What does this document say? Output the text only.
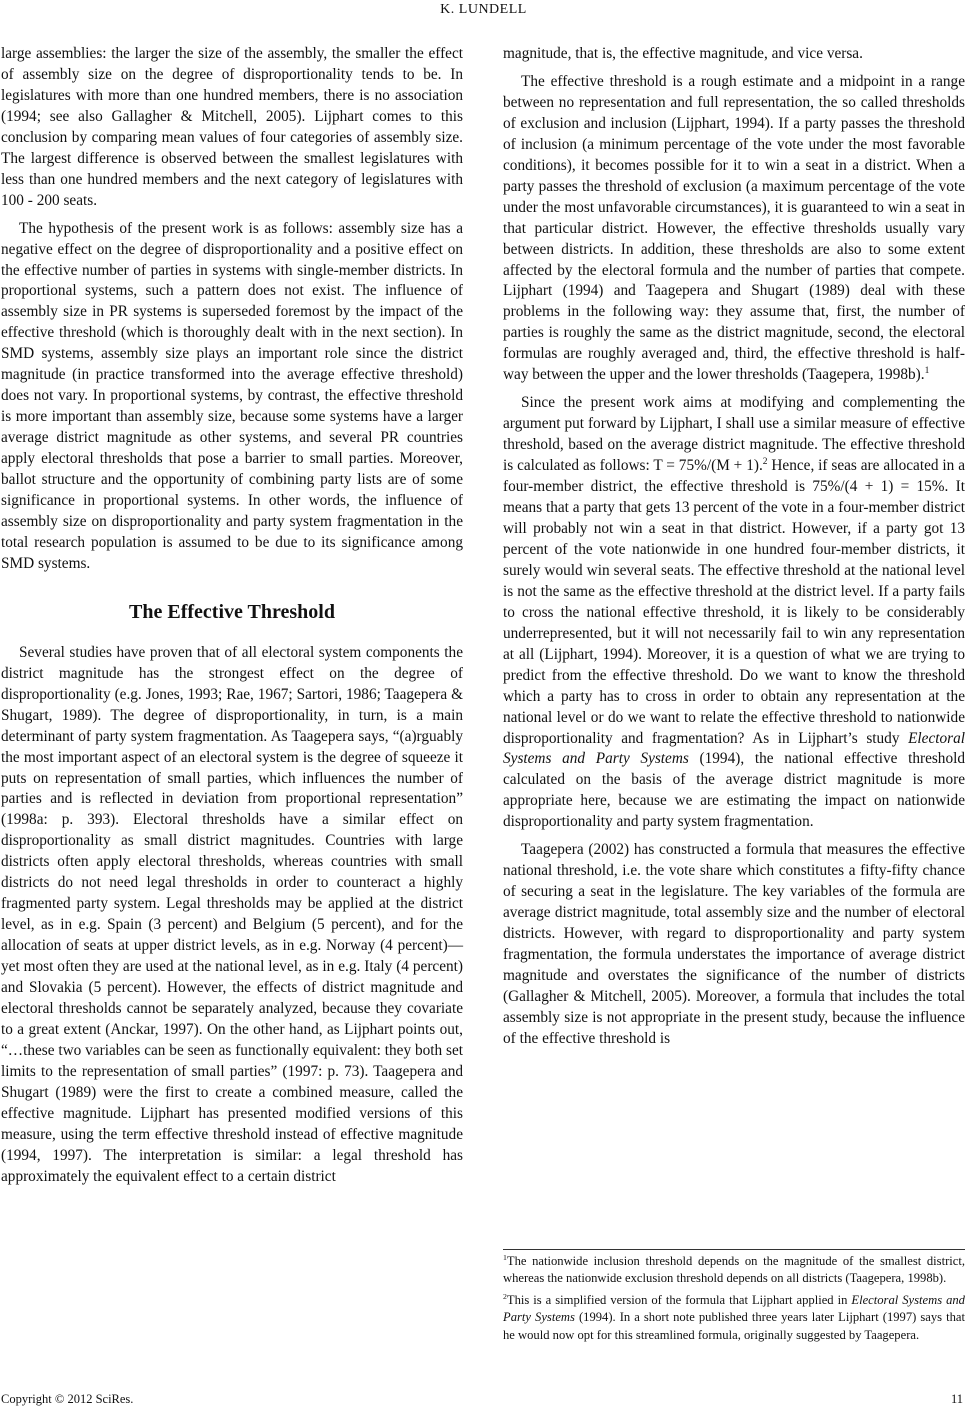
K. LUNDELL

large assemblies: the larger the size of the assembly, the smaller the effect of assembly size on the degree of disproportionality tends to be. In legislatures with more than one hundred members, there is no association (1994; see also Gallagher & Mitchell, 2005). Lijphart comes to this conclusion by comparing mean values of four categories of assembly size. The largest difference is observed between the smallest legislatures with less than one hundred members and the next category of legislatures with 100 - 200 seats.

The hypothesis of the present work is as follows: assembly size has a negative effect on the degree of disproportionality and a positive effect on the effective number of parties in systems with single-member districts. In proportional systems, such a pattern does not exist. The influence of assembly size in PR systems is superseded foremost by the impact of the effective threshold (which is thoroughly dealt with in the next section). In SMD systems, assembly size plays an important role since the district magnitude (in practice transformed into the average effective threshold) does not vary. In proportional systems, by contrast, the effective threshold is more important than assembly size, because some systems have a larger average district magnitude as other systems, and several PR countries apply electoral thresholds that pose a barrier to small parties. Moreover, ballot structure and the opportunity of combining party lists are of some significance in proportional systems. In other words, the influence of assembly size on disproportionality and party system fragmentation in the total research population is assumed to be due to its significance among SMD systems.

The Effective Threshold

Several studies have proven that of all electoral system components the district magnitude has the strongest effect on the degree of disproportionality (e.g. Jones, 1993; Rae, 1967; Sartori, 1986; Taagepera & Shugart, 1989). The degree of disproportionality, in turn, is a main determinant of party system fragmentation. As Taagepera says, “(a)rguably the most important aspect of an electoral system is the degree of squeeze it puts on representation of small parties, which influences the number of parties and is reflected in deviation from proportional representation” (1998a: p. 393). Electoral thresholds have a similar effect on disproportionality as small district magnitudes. Countries with large districts often apply electoral thresholds, whereas countries with small districts do not need legal thresholds in order to counteract a highly fragmented party system. Legal thresholds may be applied at the district level, as in e.g. Spain (3 percent) and Belgium (5 percent), and for the allocation of seats at upper district levels, as in e.g. Norway (4 percent)—yet most often they are used at the national level, as in e.g. Italy (4 percent) and Slovakia (5 percent). However, the effects of district magnitude and electoral thresholds cannot be separately analyzed, because they covariate to a great extent (Anckar, 1997). On the other hand, as Lijphart points out, “…these two variables can be seen as functionally equivalent: they both set limits to the representation of small parties” (1997: p. 73). Taagepera and Shugart (1989) were the first to create a combined measure, called the effective magnitude. Lijphart has presented modified versions of this measure, using the term effective threshold instead of effective magnitude (1994, 1997). The interpretation is similar: a legal threshold has approximately the equivalent effect to a certain district

magnitude, that is, the effective magnitude, and vice versa.

The effective threshold is a rough estimate and a midpoint in a range between no representation and full representation, the so called thresholds of exclusion and inclusion (Lijphart, 1994). If a party passes the threshold of inclusion (a minimum percentage of the vote under the most favorable conditions), it becomes possible for it to win a seat in a district. When a party passes the threshold of exclusion (a maximum percentage of the vote under the most unfavorable circumstances), it is guaranteed to win a seat in that particular district. However, the effective thresholds usually vary between districts. In addition, these thresholds are also to some extent affected by the electoral formula and the number of parties that compete. Lijphart (1994) and Taagepera and Shugart (1989) deal with these problems in the following way: they assume that, first, the number of parties is roughly the same as the district magnitude, second, the electoral formulas are roughly averaged and, third, the effective threshold is half-way between the upper and the lower thresholds (Taagepera, 1998b).$^1$

Since the present work aims at modifying and complementing the argument put forward by Lijphart, I shall use a similar measure of effective threshold, based on the average district magnitude. The effective threshold is calculated as follows: T = 75%/(M + 1).$^2$ Hence, if seas are allocated in a four-member district, the effective threshold is 75%/(4 + 1) = 15%. It means that a party that gets 13 percent of the vote in a four-member district will probably not win a seat in that district. However, if a party got 13 percent of the vote nationwide in one hundred four-member districts, it surely would win several seats. The effective threshold at the national level is not the same as the effective threshold at the district level. If a party fails to cross the national effective threshold, it is likely to be considerably underrepresented, but it will not necessarily fail to win any representation at all (Lijphart, 1994). Moreover, it is a question of what we are trying to predict from the effective threshold. Do we want to know the threshold which a party has to cross in order to obtain any representation at the national level or do we want to relate the effective threshold to nationwide disproportionality and fragmentation? As in Lijphart’s study Electoral Systems and Party Systems (1994), the national effective threshold calculated on the basis of the average district magnitude is more appropriate here, because we are estimating the impact on nationwide disproportionality and party system fragmentation.

Taagepera (2002) has constructed a formula that measures the effective national threshold, i.e. the vote share which constitutes a fifty-fifty chance of securing a seat in the legislature. The key variables of the formula are average district magnitude, total assembly size and the number of electoral districts. However, with regard to disproportionality and party system fragmentation, the formula understates the importance of average district magnitude and overstates the significance of the number of districts (Gallagher & Mitchell, 2005). Moreover, a formula that includes the total assembly size is not appropriate in the present study, because the influence of the effective threshold is

$^1$The nationwide inclusion threshold depends on the magnitude of the smallest district, whereas the nationwide exclusion threshold depends on all districts (Taagepera, 1998b).

$^2$This is a simplified version of the formula that Lijphart applied in Electoral Systems and Party Systems (1994). In a short note published three years later Lijphart (1997) says that he would now opt for this streamlined formula, originally suggested by Taagepera.

Copyright © 2012 SciRes.	11
